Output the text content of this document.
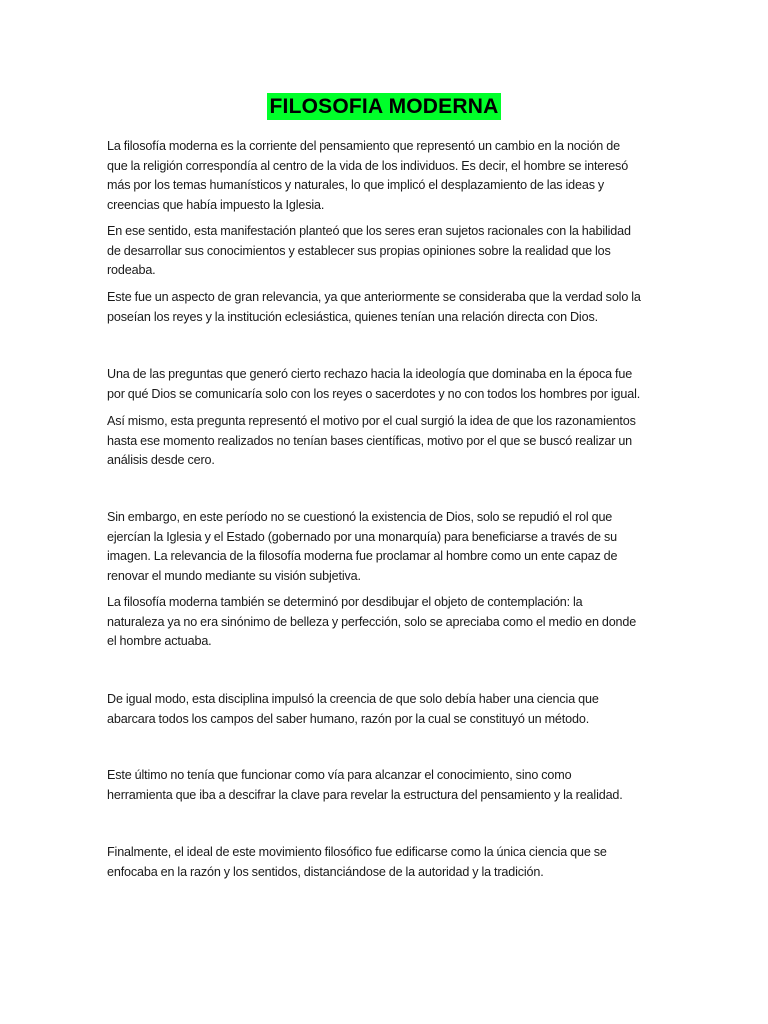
FILOSOFIA MODERNA

La filosofía moderna es la corriente del pensamiento que representó un cambio en la noción de
que la religión correspondía al centro de la vida de los individuos. Es decir, el hombre se interesó
más por los temas humanísticos y naturales, lo que implicó el desplazamiento de las ideas y
creencias que había impuesto la Iglesia.

En ese sentido, esta manifestación planteó que los seres eran sujetos racionales con la habilidad
de desarrollar sus conocimientos y establecer sus propias opiniones sobre la realidad que los
rodeaba.

Este fue un aspecto de gran relevancia, ya que anteriormente se consideraba que la verdad solo la
poseían los reyes y la institución eclesiástica, quienes tenían una relación directa con Dios.

Una de las preguntas que generó cierto rechazo hacia la ideología que dominaba en la época fue
por qué Dios se comunicaría solo con los reyes o sacerdotes y no con todos los hombres por igual.

Así mismo, esta pregunta representó el motivo por el cual surgió la idea de que los razonamientos
hasta ese momento realizados no tenían bases científicas, motivo por el que se buscó realizar un
análisis desde cero.

Sin embargo, en este período no se cuestionó la existencia de Dios, solo se repudió el rol que
ejercían la Iglesia y el Estado (gobernado por una monarquía) para beneficiarse a través de su
imagen. La relevancia de la filosofía moderna fue proclamar al hombre como un ente capaz de
renovar el mundo mediante su visión subjetiva.

La filosofía moderna también se determinó por desdibujar el objeto de contemplación: la
naturaleza ya no era sinónimo de belleza y perfección, solo se apreciaba como el medio en donde
el hombre actuaba.

De igual modo, esta disciplina impulsó la creencia de que solo debía haber una ciencia que
abarcara todos los campos del saber humano, razón por la cual se constituyó un método.

Este último no tenía que funcionar como vía para alcanzar el conocimiento, sino como
herramienta que iba a descifrar la clave para revelar la estructura del pensamiento y la realidad.

Finalmente, el ideal de este movimiento filosófico fue edificarse como la única ciencia que se
enfocaba en la razón y los sentidos, distanciándose de la autoridad y la tradición.
